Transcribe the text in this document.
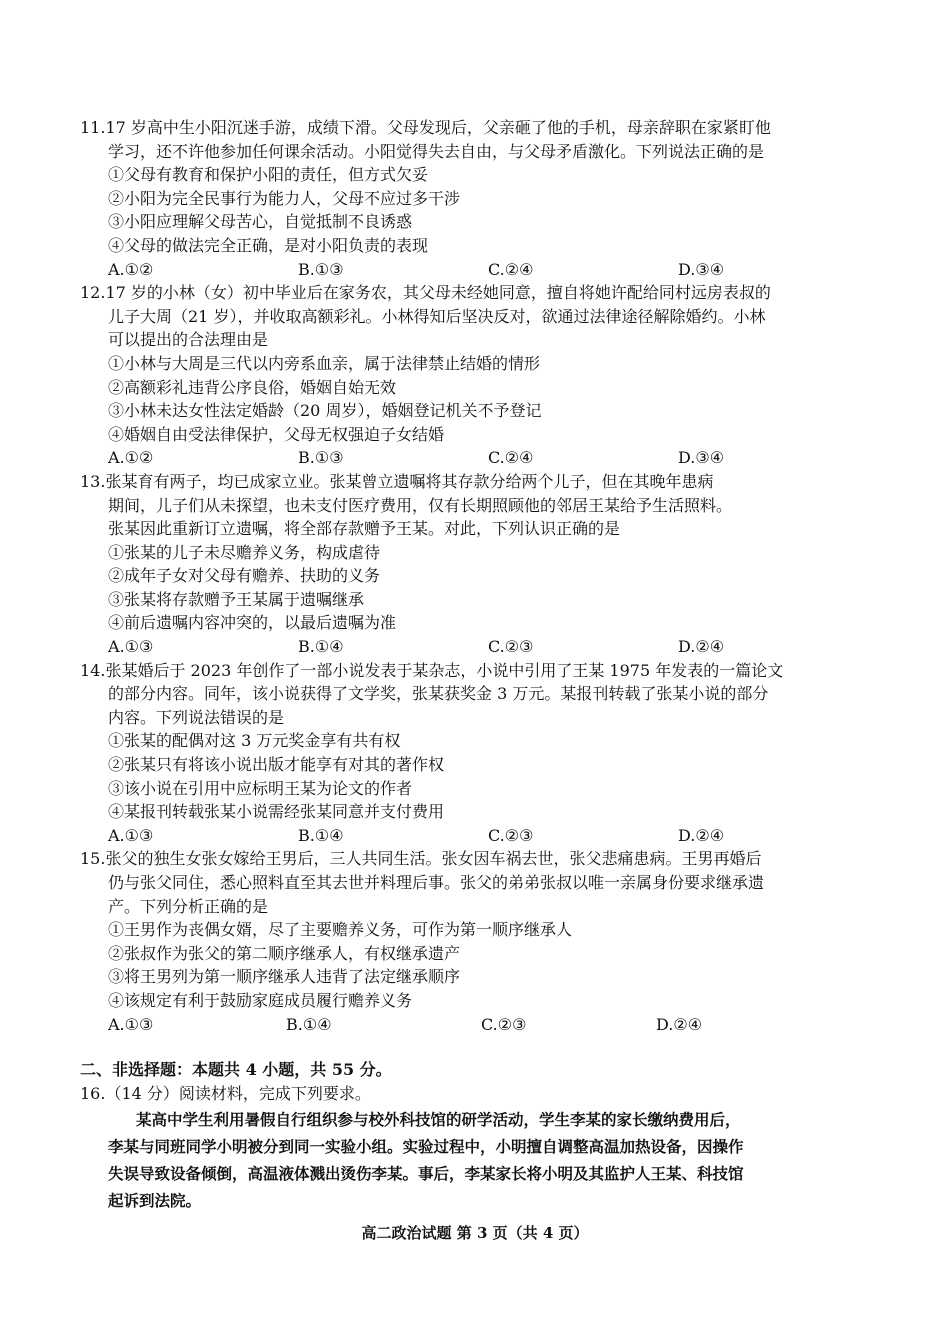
11.17 岁高中生小阳沉迷手游，成绩下滑。父母发现后，父亲砸了他的手机，母亲辞职在家紧盯他
学习，还不许他参加任何课余活动。小阳觉得失去自由，与父母矛盾激化。下列说法正确的是
①父母有教育和保护小阳的责任，但方式欠妥
②小阳为完全民事行为能力人，父母不应过多干涉
③小阳应理解父母苦心，自觉抵制不良诱惑
④父母的做法完全正确，是对小阳负责的表现
A.①②	B.①③	C.②④	D.③④
12.17 岁的小林（女）初中毕业后在家务农，其父母未经她同意，擅自将她许配给同村远房表叔的
儿子大周（21 岁），并收取高额彩礼。小林得知后坚决反对，欲通过法律途径解除婚约。小林
可以提出的合法理由是
①小林与大周是三代以内旁系血亲，属于法律禁止结婚的情形
②高额彩礼违背公序良俗，婚姻自始无效
③小林未达女性法定婚龄（20 周岁），婚姻登记机关不予登记
④婚姻自由受法律保护，父母无权强迫子女结婚
A.①②	B.①③	C.②④	D.③④
13.张某育有两子，均已成家立业。张某曾立遗嘱将其存款分给两个儿子，但在其晚年患病
期间，儿子们从未探望，也未支付医疗费用，仅有长期照顾他的邻居王某给予生活照料。
张某因此重新订立遗嘱，将全部存款赠予王某。对此，下列认识正确的是
①张某的儿子未尽赡养义务，构成虐待
②成年子女对父母有赡养、扶助的义务
③张某将存款赠予王某属于遗嘱继承
④前后遗嘱内容冲突的，以最后遗嘱为准
A.①③	B.①④	C.②③	D.②④
14.张某婚后于 2023 年创作了一部小说发表于某杂志，小说中引用了王某 1975 年发表的一篇论文
的部分内容。同年，该小说获得了文学奖，张某获奖金 3 万元。某报刊转载了张某小说的部分
内容。下列说法错误的是
①张某的配偶对这 3 万元奖金享有共有权
②张某只有将该小说出版才能享有对其的著作权
③该小说在引用中应标明王某为论文的作者
④某报刊转载张某小说需经张某同意并支付费用
A.①③	B.①④	C.②③	D.②④
15.张父的独生女张女嫁给王男后，三人共同生活。张女因车祸去世，张父悲痛患病。王男再婚后
仍与张父同住，悉心照料直至其去世并料理后事。张父的弟弟张叔以唯一亲属身份要求继承遗
产。下列分析正确的是
①王男作为丧偶女婿，尽了主要赡养义务，可作为第一顺序继承人
②张叔作为张父的第二顺序继承人，有权继承遗产
③将王男列为第一顺序继承人违背了法定继承顺序
④该规定有利于鼓励家庭成员履行赡养义务
A.①③	B.①④	C.②③	D.②④
二、非选择题：本题共 4 小题，共 55 分。
16.（14 分）阅读材料，完成下列要求。
某高中学生利用暑假自行组织参与校外科技馆的研学活动，学生李某的家长缴纳费用后，
李某与同班同学小明被分到同一实验小组。实验过程中，小明擅自调整高温加热设备，因操作
失误导致设备倾倒，高温液体溅出烫伤李某。事后，李某家长将小明及其监护人王某、科技馆
起诉到法院。
高二政治试题 第 3 页（共 4 页）
